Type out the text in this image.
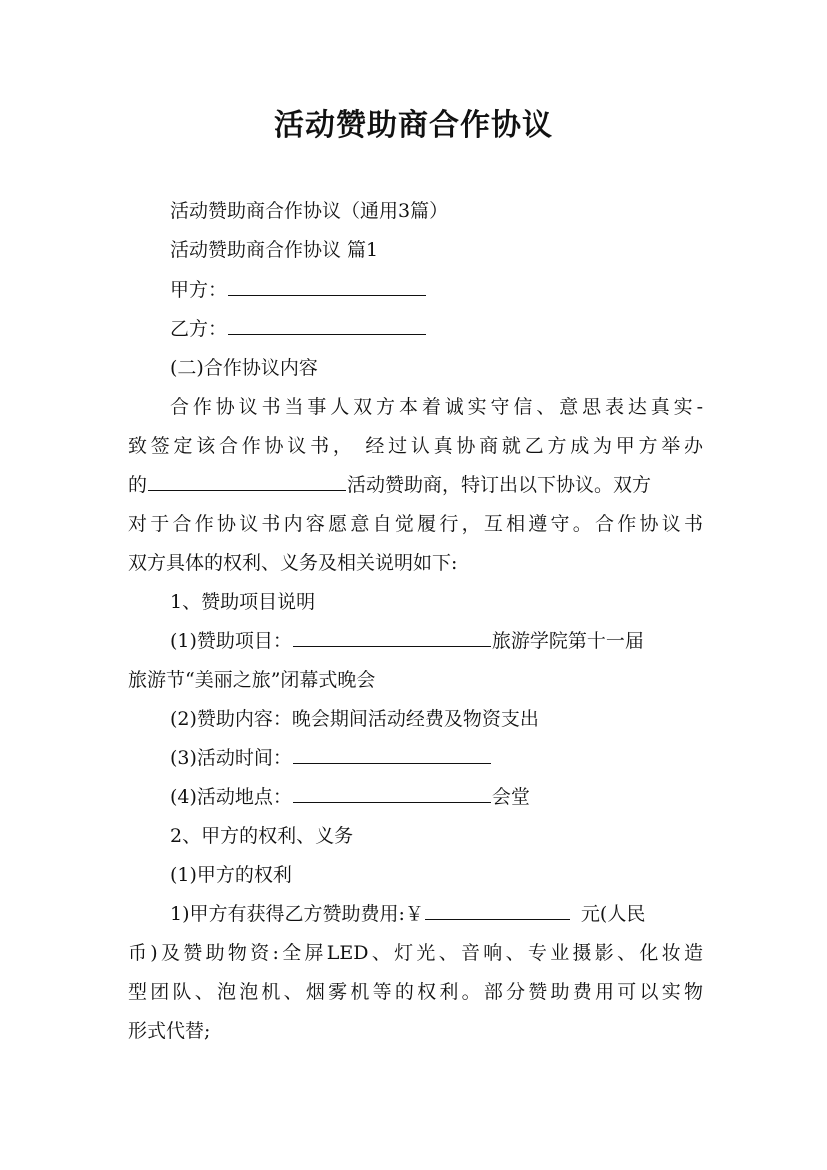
活动赞助商合作协议
活动赞助商合作协议（通用3篇）
活动赞助商合作协议 篇1
甲方：
乙方：
(二)合作协议内容
合作协议书当事人双方本着诚实守信、意思表达真实-
致签定该合作协议书， 经过认真协商就乙方成为甲方举办
的	活动赞助商，特订出以下协议。双方
对于合作协议书内容愿意自觉履行，互相遵守。合作协议书
双方具体的权利、义务及相关说明如下:
1、赞助项目说明
(1)赞助项目：	旅游学院第十一届
旅游节“美丽之旅”闭幕式晚会
(2)赞助内容：晚会期间活动经费及物资支出
(3)活动时间：
(4)活动地点：	会堂
2、甲方的权利、义务
(1)甲方的权利
1)甲方有获得乙方赞助费用:￥	元(人民
币)及赞助物资:全屏LED、灯光、音响、专业摄影、化妆造
型团队、泡泡机、烟雾机等的权利。部分赞助费用可以实物
形式代替;
